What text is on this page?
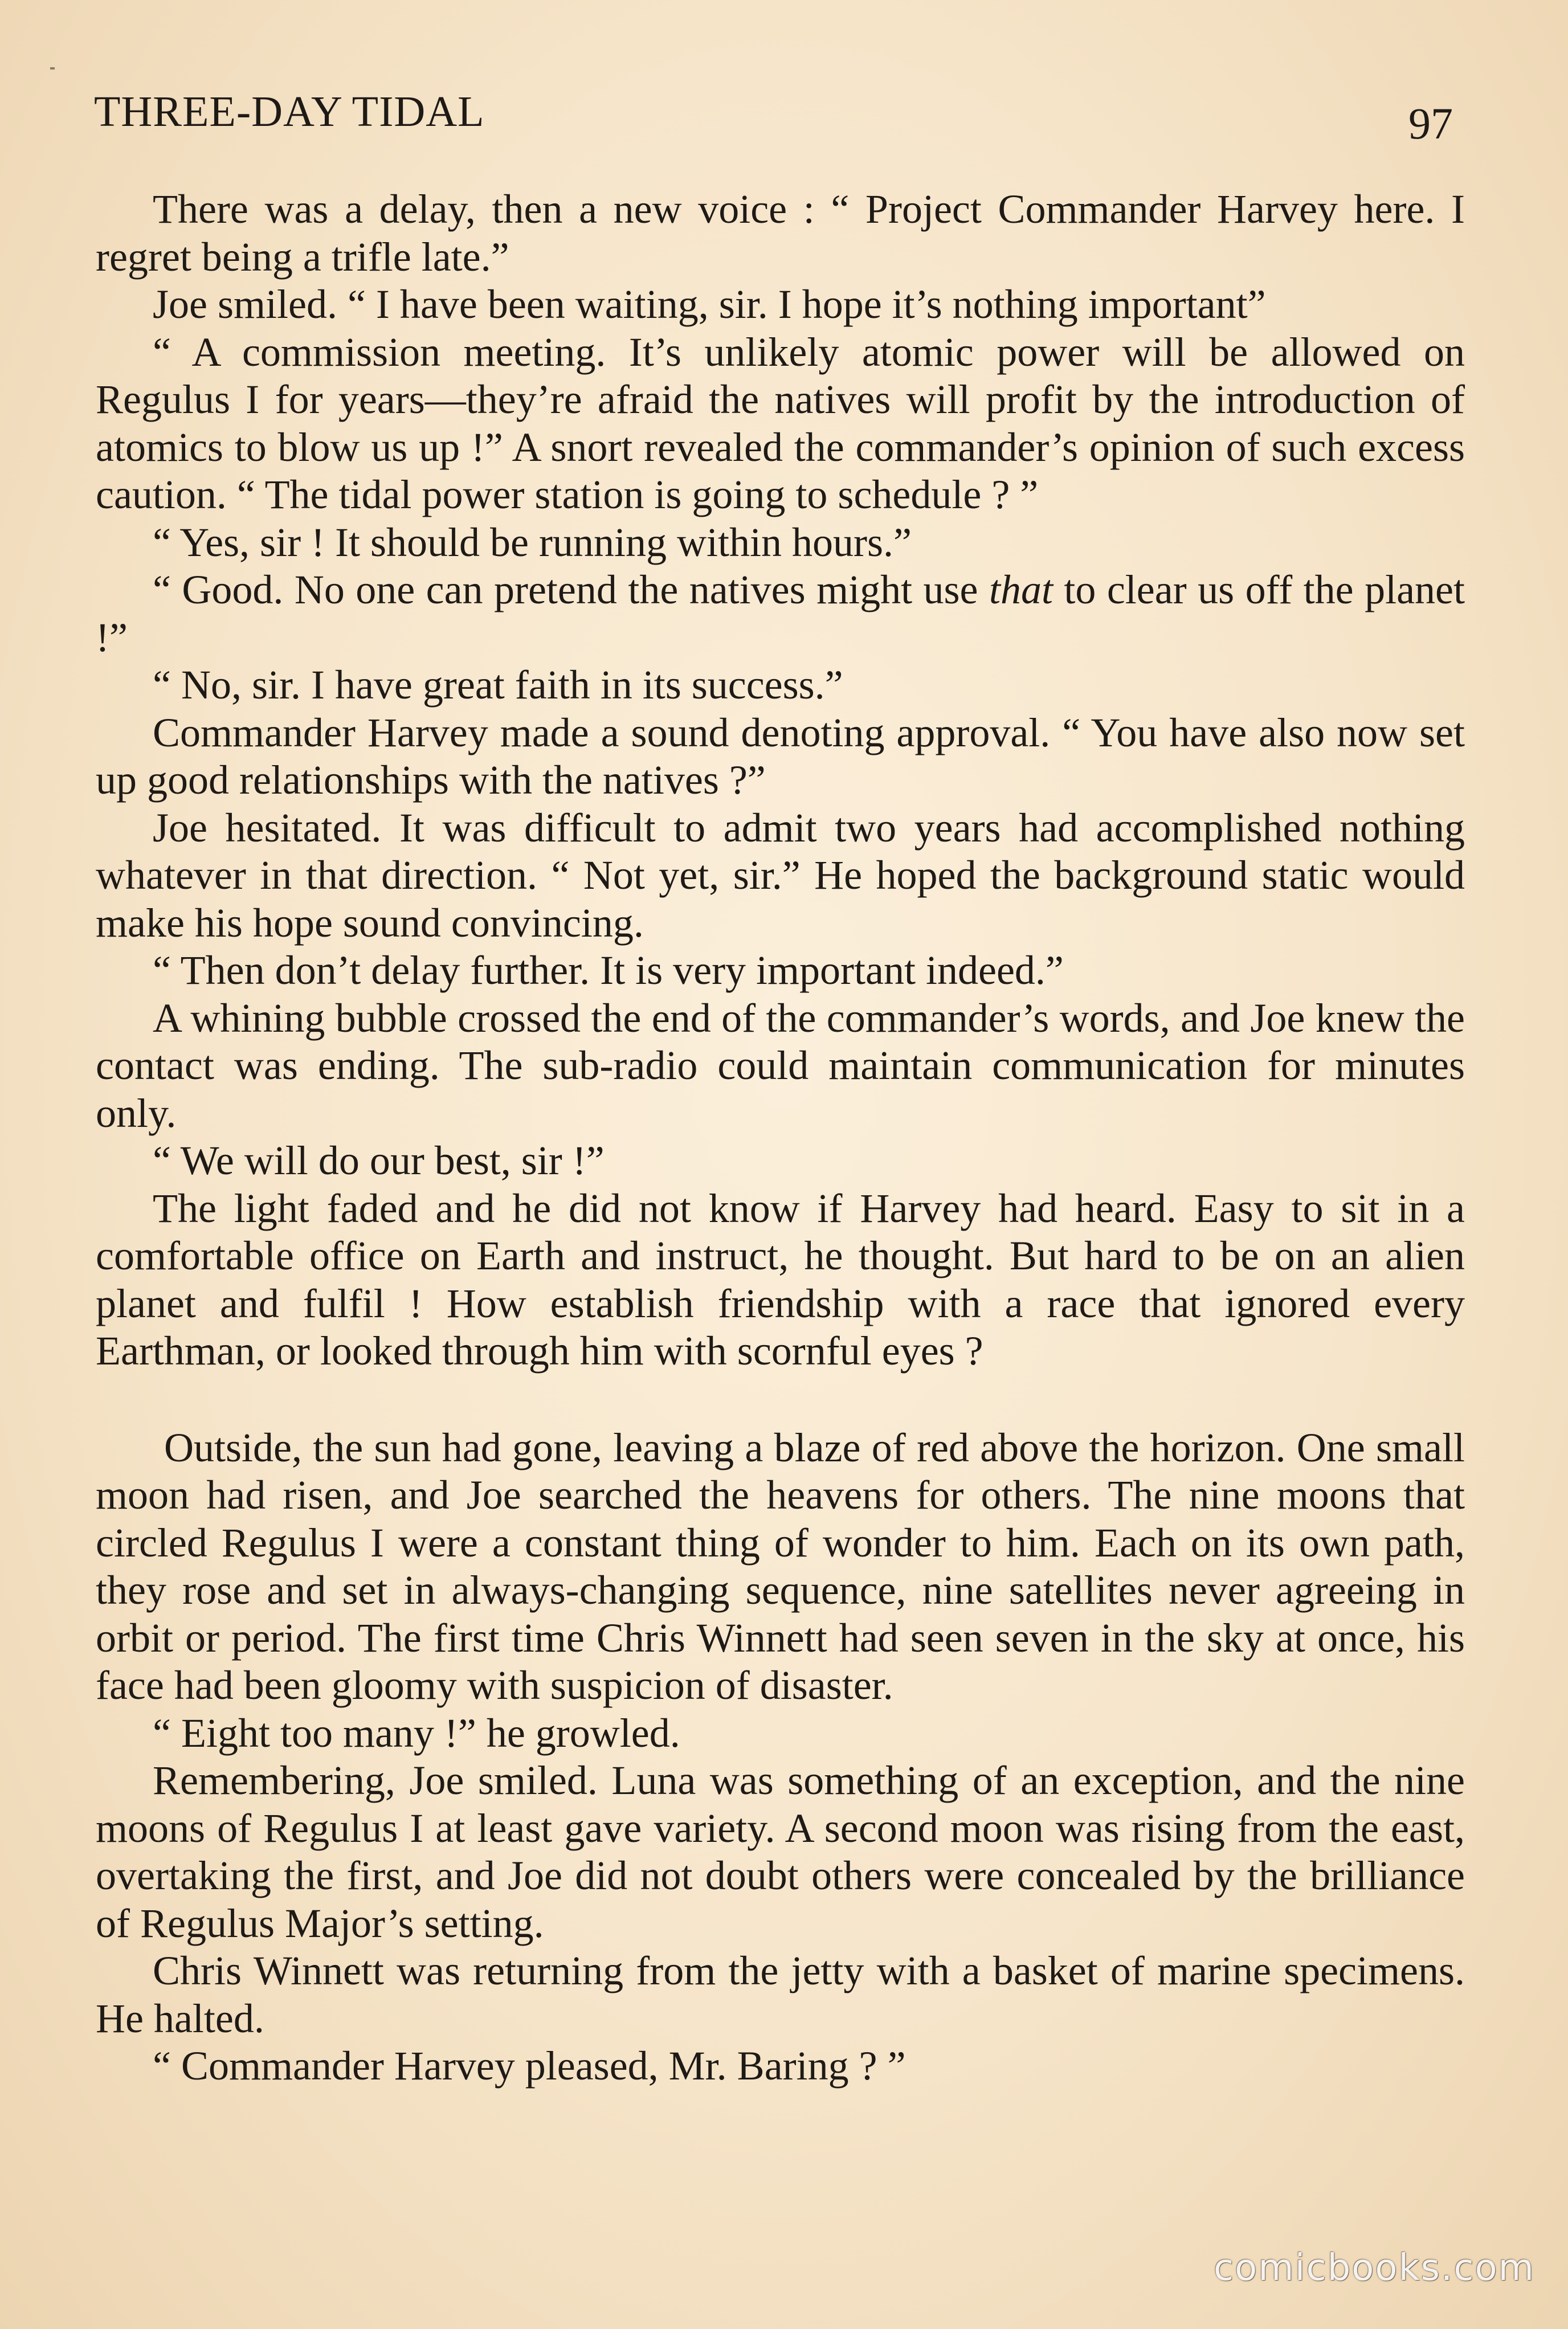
THREE-DAY TIDAL	97

There was a delay, then a new voice : “ Project Commander Harvey here. I regret being a trifle late.”

Joe smiled. “ I have been waiting, sir. I hope it’s nothing important”

“ A commission meeting. It’s unlikely atomic power will be allowed on Regulus I for years—they’re afraid the natives will profit by the introduction of atomics to blow us up !” A snort revealed the commander’s opinion of such excess caution. “ The tidal power station is going to schedule ? ”

“ Yes, sir ! It should be running within hours.”

“ Good. No one can pretend the natives might use that to clear us off the planet !”

“ No, sir. I have great faith in its success.”

Commander Harvey made a sound denoting approval. “ You have also now set up good relationships with the natives ?”

Joe hesitated. It was difficult to admit two years had accomplished nothing whatever in that direction. “ Not yet, sir.” He hoped the background static would make his hope sound convincing.

“ Then don’t delay further. It is very important indeed.”

A whining bubble crossed the end of the commander’s words, and Joe knew the contact was ending. The sub-radio could maintain communication for minutes only.

“ We will do our best, sir !”

The light faded and he did not know if Harvey had heard. Easy to sit in a comfortable office on Earth and instruct, he thought. But hard to be on an alien planet and fulfil ! How establish friendship with a race that ignored every Earthman, or looked through him with scornful eyes ?

Outside, the sun had gone, leaving a blaze of red above the horizon. One small moon had risen, and Joe searched the heavens for others. The nine moons that circled Regulus I were a constant thing of wonder to him. Each on its own path, they rose and set in always-changing sequence, nine satellites never agreeing in orbit or period. The first time Chris Winnett had seen seven in the sky at once, his face had been gloomy with suspicion of disaster.

“ Eight too many !” he growled.

Remembering, Joe smiled. Luna was something of an exception, and the nine moons of Regulus I at least gave variety. A second moon was rising from the east, overtaking the first, and Joe did not doubt others were concealed by the brilliance of Regulus Major’s setting.

Chris Winnett was returning from the jetty with a basket of marine specimens. He halted.

“ Commander Harvey pleased, Mr. Baring ? ”

comicbooks.com
